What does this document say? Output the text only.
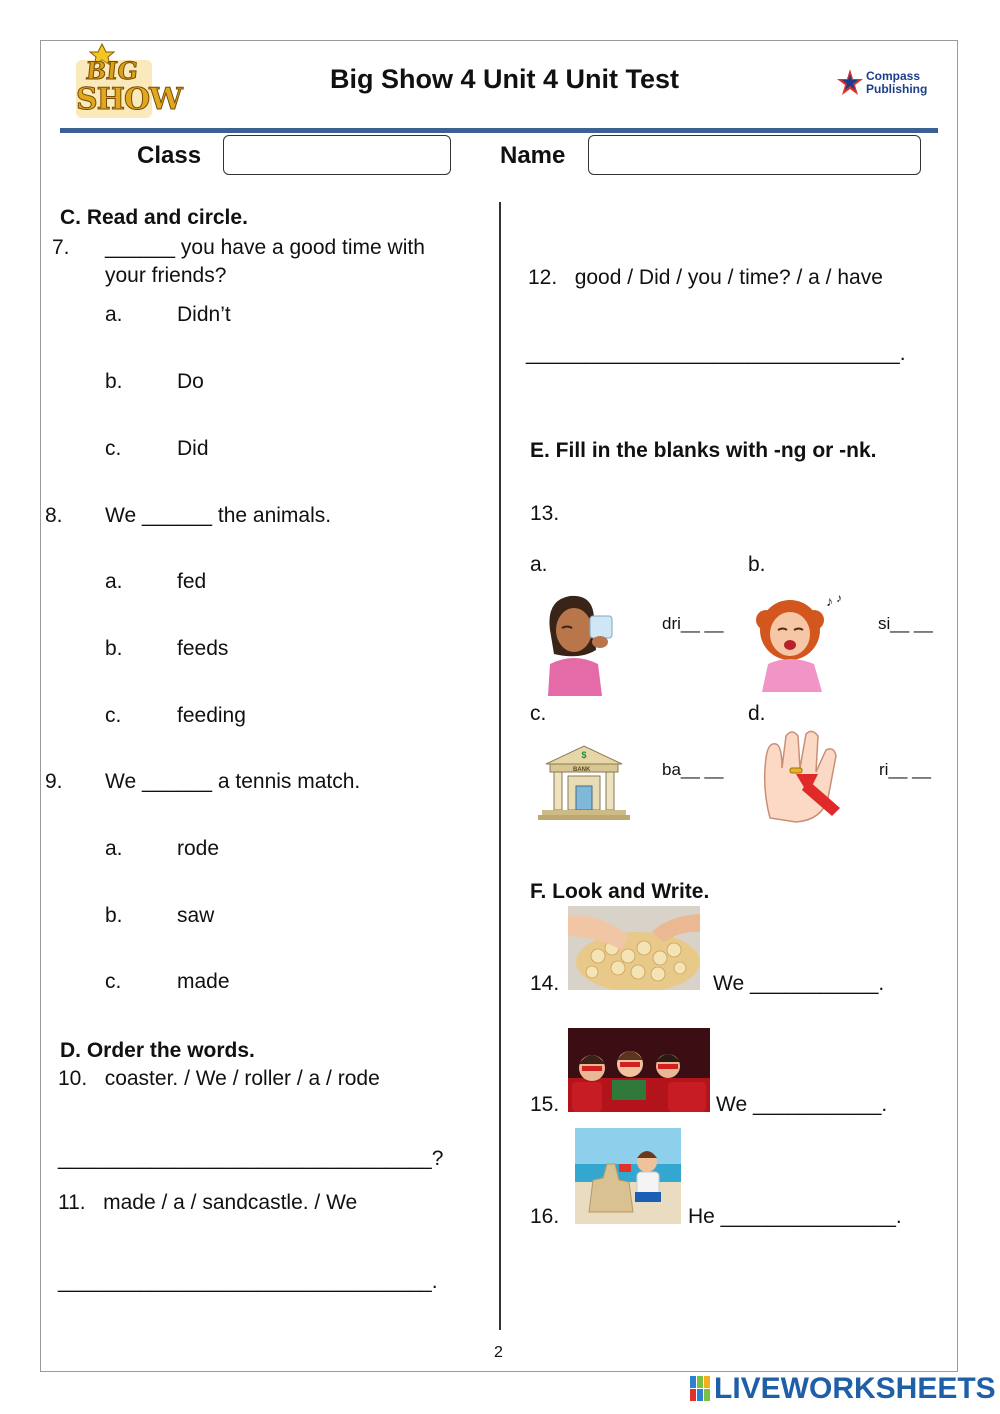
BIG
SHOW
Big Show 4 Unit 4 Unit Test	Compass
Publishing
Class	Name
C. Read and circle.
7. ______ you have a good time with
your friends?
a.	Didn’t
b.	Do
c.	Did
8. We ______ the animals.
a.	fed
b.	feeds
c.	feeding
9. We ______ a tennis match.
a.	rode
b.	saw
c.	made
D. Order the words.
10.   coaster. / We / roller / a / rode
________________________________?
11.   made / a / sandcastle. / We
________________________________.
12.   good / Did / you / time? / a / have
________________________________.
E. Fill in the blanks with -ng or -nk.
13.
a.
dri__ __
b.
♪ ♪
si__ __
c.
$
BANK	ba__ __
d.
ri__ __
F. Look and Write.
14.	We ___________.
15.	We ___________.
16.	He _______________.
2
LIVEWORKSHEETS
